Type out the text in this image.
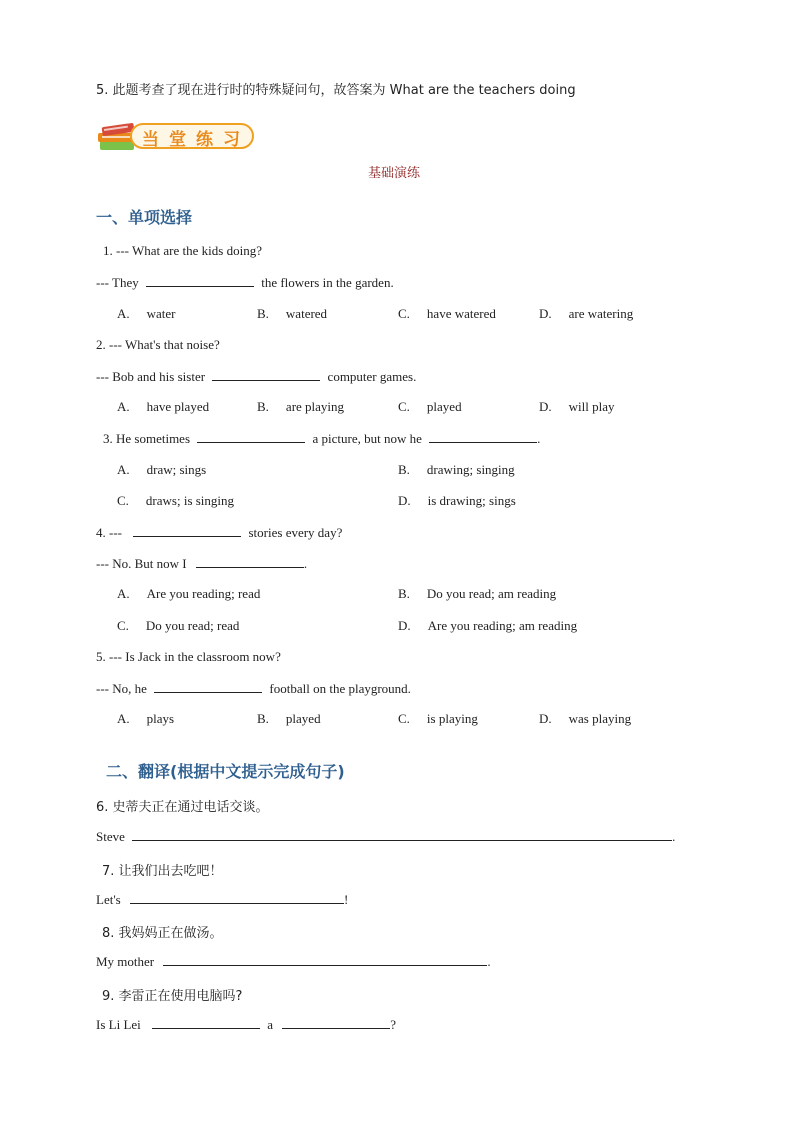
5. 此题考查了现在进行时的特殊疑问句，故答案为 What are the teachers doing
当堂练习
基础演练
一、单项选择
1. --- What are the kids doing?
--- They	the flowers in the garden.
A. water	B. watered	C. have watered	D. are watering
2. --- What's that noise?
--- Bob and his sister	computer games.
A. have played	B. are playing	C. played	D. will play
3. He sometimes	a picture, but now he	.
A. draw; sings	B. drawing; singing
C. draws; is singing	D. is drawing; sings
4. ---	stories every day?
--- No. But now I	.
A. Are you reading; read	B. Do you read; am reading
C. Do you read; read	D. Are you reading; am reading
5. --- Is Jack in the classroom now?
--- No, he	football on the playground.
A. plays	B. played	C. is playing	D. was playing
二、翻译(根据中文提示完成句子)
6. 史蒂夫正在通过电话交谈。
Steve	.
7. 让我们出去吃吧！
Let's	!
8. 我妈妈正在做汤。
My mother	.
9. 李雷正在使用电脑吗?
Is Li Lei	a	?
